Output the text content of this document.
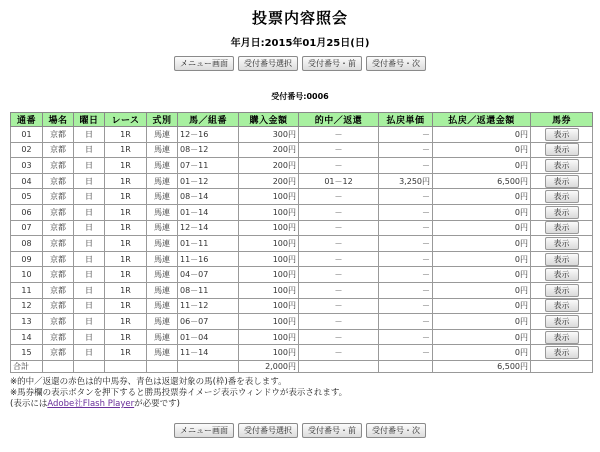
投票内容照会
年月日:2015年01月25日(日)
メニュー画面 受付番号選択 受付番号・前 受付番号・次
受付番号:0006
通番	場名	曜日	レース	式別	馬／組番	購入金額	的中／返還	払戻単価	払戻／返還金額	馬券
01	京都	日	1R	馬連	12－16	300円	－	－	0円	表示
02	京都	日	1R	馬連	08－12	200円	－	－	0円	表示
03	京都	日	1R	馬連	07－11	200円	－	－	0円	表示
04	京都	日	1R	馬連	01－12	200円	01－12	3,250円	6,500円	表示
05	京都	日	1R	馬連	08－14	100円	－	－	0円	表示
06	京都	日	1R	馬連	01－14	100円	－	－	0円	表示
07	京都	日	1R	馬連	12－14	100円	－	－	0円	表示
08	京都	日	1R	馬連	01－11	100円	－	－	0円	表示
09	京都	日	1R	馬連	11－16	100円	－	－	0円	表示
10	京都	日	1R	馬連	04－07	100円	－	－	0円	表示
11	京都	日	1R	馬連	08－11	100円	－	－	0円	表示
12	京都	日	1R	馬連	11－12	100円	－	－	0円	表示
13	京都	日	1R	馬連	06－07	100円	－	－	0円	表示
14	京都	日	1R	馬連	01－04	100円	－	－	0円	表示
15	京都	日	1R	馬連	11－14	100円	－	－	0円	表示
合計						2,000円			6,500円	
※的中／返還の赤色は的中馬券、青色は返還対象の馬(枠)番を表します。
※馬券欄の表示ボタンを押下すると勝馬投票券イメージ表示ウィンドウが表示されます。
(表示にはAdobe社Flash Playerが必要です)
メニュー画面 受付番号選択 受付番号・前 受付番号・次
